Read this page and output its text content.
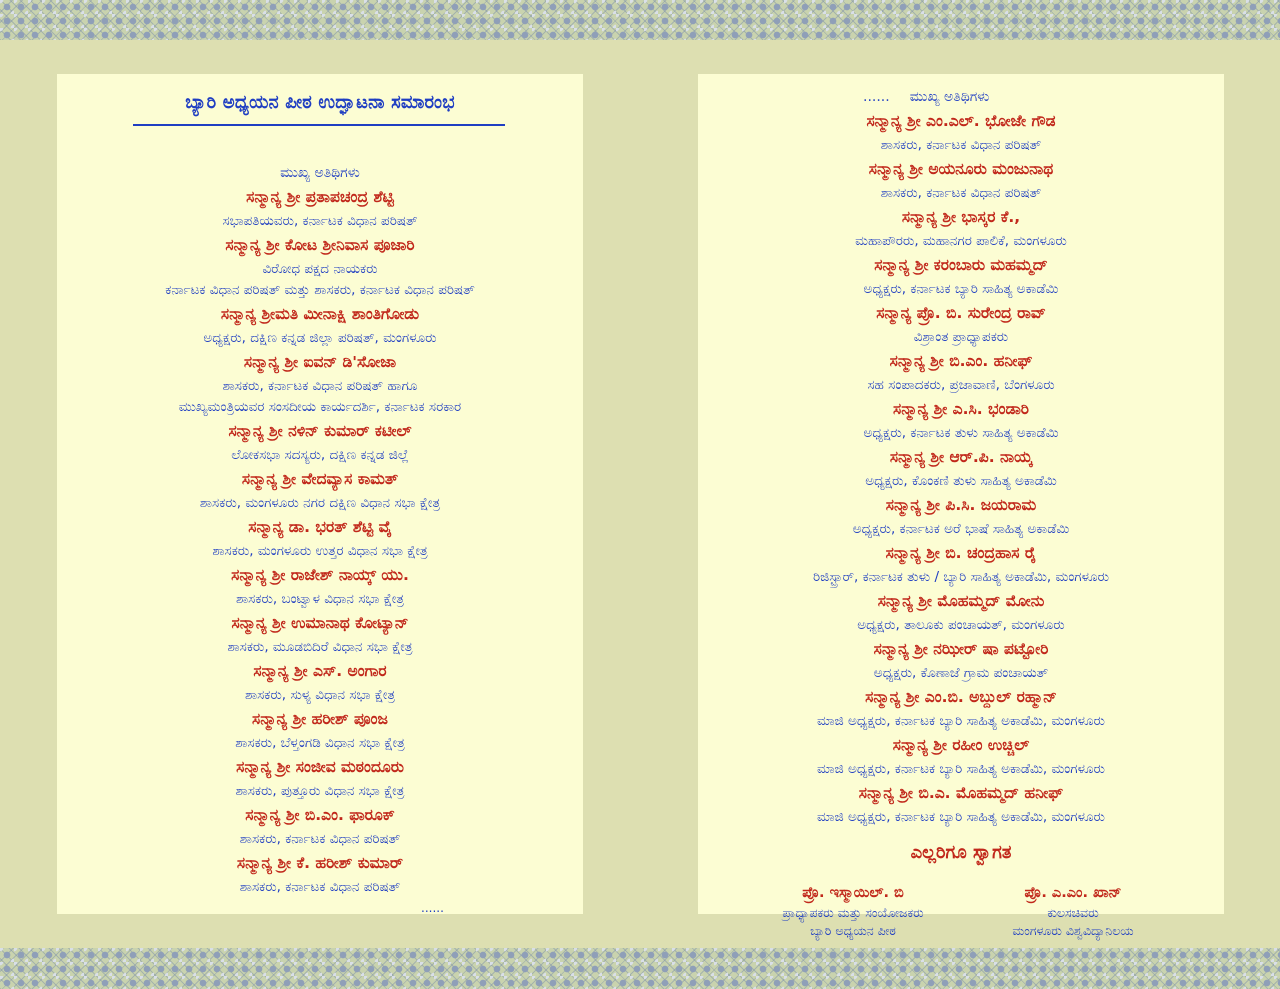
ಬ್ಯಾರಿ ಅಧ್ಯಯನ ಪೀಠ ಉದ್ಘಾಟನಾ ಸಮಾರಂಭ
ಮುಖ್ಯ ಅತಿಥಿಗಳು
ಸನ್ಮಾನ್ಯ ಶ್ರೀ ಪ್ರತಾಪಚಂದ್ರ ಶೆಟ್ಟಿ
ಸಭಾಪತಿಯವರು, ಕರ್ನಾಟಕ ವಿಧಾನ ಪರಿಷತ್
ಸನ್ಮಾನ್ಯ ಶ್ರೀ ಕೋಟ ಶ್ರೀನಿವಾಸ ಪೂಜಾರಿ
ವಿರೋಧ ಪಕ್ಷದ ನಾಯಕರು
ಕರ್ನಾಟಕ ವಿಧಾನ ಪರಿಷತ್ ಮತ್ತು ಶಾಸಕರು, ಕರ್ನಾಟಕ ವಿಧಾನ ಪರಿಷತ್
ಸನ್ಮಾನ್ಯ ಶ್ರೀಮತಿ ಮೀನಾಕ್ಷಿ ಶಾಂತಿಗೋಡು
ಅಧ್ಯಕ್ಷರು, ದಕ್ಷಿಣ ಕನ್ನಡ ಜಿಲ್ಲಾ ಪರಿಷತ್, ಮಂಗಳೂರು
ಸನ್ಮಾನ್ಯ ಶ್ರೀ ಐವನ್ ಡಿ'ಸೋಜಾ
ಶಾಸಕರು, ಕರ್ನಾಟಕ ವಿಧಾನ ಪರಿಷತ್ ಹಾಗೂ
ಮುಖ್ಯಮಂತ್ರಿಯವರ ಸಂಸದೀಯ ಕಾರ್ಯದರ್ಶಿ, ಕರ್ನಾಟಕ ಸರಕಾರ
ಸನ್ಮಾನ್ಯ ಶ್ರೀ ನಳಿನ್ ಕುಮಾರ್ ಕಟೀಲ್
ಲೋಕಸಭಾ ಸದಸ್ಯರು, ದಕ್ಷಿಣ ಕನ್ನಡ ಜಿಲ್ಲೆ
ಸನ್ಮಾನ್ಯ ಶ್ರೀ ವೇದವ್ಯಾಸ ಕಾಮತ್
ಶಾಸಕರು, ಮಂಗಳೂರು ನಗರ ದಕ್ಷಿಣ ವಿಧಾನ ಸಭಾ ಕ್ಷೇತ್ರ
ಸನ್ಮಾನ್ಯ ಡಾ. ಭರತ್ ಶೆಟ್ಟಿ ವೈ
ಶಾಸಕರು, ಮಂಗಳೂರು ಉತ್ತರ ವಿಧಾನ ಸಭಾ ಕ್ಷೇತ್ರ
ಸನ್ಮಾನ್ಯ ಶ್ರೀ ರಾಜೇಶ್ ನಾಯ್ಕ್ ಯು.
ಶಾಸಕರು, ಬಂಟ್ವಾಳ ವಿಧಾನ ಸಭಾ ಕ್ಷೇತ್ರ
ಸನ್ಮಾನ್ಯ ಶ್ರೀ ಉಮಾನಾಥ ಕೋಟ್ಯಾನ್
ಶಾಸಕರು, ಮೂಡಬಿದಿರೆ ವಿಧಾನ ಸಭಾ ಕ್ಷೇತ್ರ
ಸನ್ಮಾನ್ಯ ಶ್ರೀ ಎಸ್. ಅಂಗಾರ
ಶಾಸಕರು, ಸುಳ್ಯ ವಿಧಾನ ಸಭಾ ಕ್ಷೇತ್ರ
ಸನ್ಮಾನ್ಯ ಶ್ರೀ ಹರೀಶ್ ಪೂಂಜ
ಶಾಸಕರು, ಬೆಳ್ತಂಗಡಿ ವಿಧಾನ ಸಭಾ ಕ್ಷೇತ್ರ
ಸನ್ಮಾನ್ಯ ಶ್ರೀ ಸಂಜೀವ ಮಠಂದೂರು
ಶಾಸಕರು, ಪುತ್ತೂರು ವಿಧಾನ ಸಭಾ ಕ್ಷೇತ್ರ
ಸನ್ಮಾನ್ಯ ಶ್ರೀ ಬಿ.ಎಂ. ಫಾರೂಕ್
ಶಾಸಕರು, ಕರ್ನಾಟಕ ವಿಧಾನ ಪರಿಷತ್
ಸನ್ಮಾನ್ಯ ಶ್ರೀ ಕೆ. ಹರೀಶ್ ಕುಮಾರ್
ಶಾಸಕರು, ಕರ್ನಾಟಕ ವಿಧಾನ ಪರಿಷತ್
......
...... ಮುಖ್ಯ ಅತಿಥಿಗಳು
ಸನ್ಮಾನ್ಯ ಶ್ರೀ ಎಂ.ಎಲ್. ಭೋಜೇ ಗೌಡ
ಶಾಸಕರು, ಕರ್ನಾಟಕ ವಿಧಾನ ಪರಿಷತ್
ಸನ್ಮಾನ್ಯ ಶ್ರೀ ಅಯನೂರು ಮಂಜುನಾಥ
ಶಾಸಕರು, ಕರ್ನಾಟಕ ವಿಧಾನ ಪರಿಷತ್
ಸನ್ಮಾನ್ಯ ಶ್ರೀ ಭಾಸ್ಕರ ಕೆ.,
ಮಹಾಪೌರರು, ಮಹಾನಗರ ಪಾಲಿಕೆ, ಮಂಗಳೂರು
ಸನ್ಮಾನ್ಯ ಶ್ರೀ ಕರಂಬಾರು ಮಹಮ್ಮದ್
ಅಧ್ಯಕ್ಷರು, ಕರ್ನಾಟಕ ಬ್ಯಾರಿ ಸಾಹಿತ್ಯ ಅಕಾಡೆಮಿ
ಸನ್ಮಾನ್ಯ ಪ್ರೊ. ಬಿ. ಸುರೇಂದ್ರ ರಾವ್
ವಿಶ್ರಾಂತ ಪ್ರಾಧ್ಯಾಪಕರು
ಸನ್ಮಾನ್ಯ ಶ್ರೀ ಬಿ.ಎಂ. ಹನೀಫ್
ಸಹ ಸಂಪಾದಕರು, ಪ್ರಜಾವಾಣಿ, ಬೆಂಗಳೂರು
ಸನ್ಮಾನ್ಯ ಶ್ರೀ ಎ.ಸಿ. ಭಂಡಾರಿ
ಅಧ್ಯಕ್ಷರು, ಕರ್ನಾಟಕ ತುಳು ಸಾಹಿತ್ಯ ಅಕಾಡೆಮಿ
ಸನ್ಮಾನ್ಯ ಶ್ರೀ ಆರ್.ಪಿ. ನಾಯ್ಕ
ಅಧ್ಯಕ್ಷರು, ಕೊಂಕಣಿ ತುಳು ಸಾಹಿತ್ಯ ಅಕಾಡೆಮಿ
ಸನ್ಮಾನ್ಯ ಶ್ರೀ ಪಿ.ಸಿ. ಜಯರಾಮ
ಅಧ್ಯಕ್ಷರು, ಕರ್ನಾಟಕ ಅರೆ ಭಾಷೆ ಸಾಹಿತ್ಯ ಅಕಾಡೆಮಿ
ಸನ್ಮಾನ್ಯ ಶ್ರೀ ಬಿ. ಚಂದ್ರಹಾಸ ರೈ
ರಿಜಿಸ್ಟ್ರಾರ್, ಕರ್ನಾಟಕ ತುಳು / ಬ್ಯಾರಿ ಸಾಹಿತ್ಯ ಅಕಾಡೆಮಿ, ಮಂಗಳೂರು
ಸನ್ಮಾನ್ಯ ಶ್ರೀ ಮೊಹಮ್ಮದ್ ಮೋನು
ಅಧ್ಯಕ್ಷರು, ತಾಲೂಕು ಪಂಚಾಯತ್, ಮಂಗಳೂರು
ಸನ್ಮಾನ್ಯ ಶ್ರೀ ನಝೀರ್ ಷಾ ಪಟ್ಟೋರಿ
ಅಧ್ಯಕ್ಷರು, ಕೊಣಾಜೆ ಗ್ರಾಮ ಪಂಚಾಯತ್
ಸನ್ಮಾನ್ಯ ಶ್ರೀ ಎಂ.ಬಿ. ಅಬ್ದುಲ್ ರಹ್ಮಾನ್
ಮಾಜಿ ಅಧ್ಯಕ್ಷರು, ಕರ್ನಾಟಕ ಬ್ಯಾರಿ ಸಾಹಿತ್ಯ ಅಕಾಡೆಮಿ, ಮಂಗಳೂರು
ಸನ್ಮಾನ್ಯ ಶ್ರೀ ರಹೀಂ ಉಚ್ಚಿಲ್
ಮಾಜಿ ಅಧ್ಯಕ್ಷರು, ಕರ್ನಾಟಕ ಬ್ಯಾರಿ ಸಾಹಿತ್ಯ ಅಕಾಡೆಮಿ, ಮಂಗಳೂರು
ಸನ್ಮಾನ್ಯ ಶ್ರೀ ಬಿ.ಎ. ಮೊಹಮ್ಮದ್ ಹನೀಫ್
ಮಾಜಿ ಅಧ್ಯಕ್ಷರು, ಕರ್ನಾಟಕ ಬ್ಯಾರಿ ಸಾಹಿತ್ಯ ಅಕಾಡೆಮಿ, ಮಂಗಳೂರು
ಎಲ್ಲರಿಗೂ ಸ್ವಾಗತ
ಪ್ರೊ. ಇಸ್ಮಾಯಿಲ್. ಬಿ
ಪ್ರಾಧ್ಯಾಪಕರು ಮತ್ತು ಸಂಯೋಜಕರು
ಬ್ಯಾರಿ ಅಧ್ಯಯನ ಪೀಠ
ಪ್ರೊ. ಎ.ಎಂ. ಖಾನ್
ಕುಲಸಚಿವರು
ಮಂಗಳೂರು ವಿಶ್ವವಿದ್ಯಾನಿಲಯ
